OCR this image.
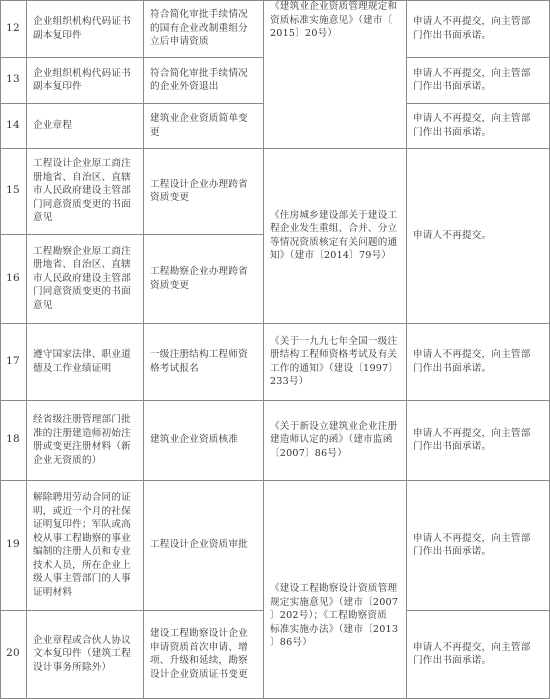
12
企业组织机构代码证书
副本复印件
符合简化审批手续情况
的国有企业改制重组分
立后申请资质
申请人不再提交，向主管部
门作出书面承诺。
13
企业组织机构代码证书
副本复印件
符合简化审批手续情况
的企业外资退出
申请人不再提交，向主管部
门作出书面承诺。
14	企业章程
建筑业企业资质简单变
更
申请人不再提交，向主管部
门作出书面承诺。
《建筑业企业资质管理规定和
资质标准实施意见》（建市〔
2015〕20号）
15
工程设计企业原工商注
册地省、自治区、直辖
市人民政府建设主管部
门同意资质变更的书面
意见
工程设计企业办理跨省
资质变更
16
工程勘察企业原工商注
册地省、自治区、直辖
市人民政府建设主管部
门同意资质变更的书面
意见
工程勘察企业办理跨省
资质变更
《住房城乡建设部关于建设工
程企业发生重组、合并、分立
等情况资质核定有关问题的通
知》（建市〔2014〕79号）
申请人不再提交。
17
遵守国家法律、职业道
德及工作业绩证明
一级注册结构工程师资
格考试报名
《关于一九九七年全国一级注
册结构工程师资格考试及有关
工作的通知》（建设〔1997〕
233号）
申请人不再提交，向主管部
门作出书面承诺。
18
经省级注册管理部门批
准的注册建造师初始注
册或变更注册材料（新
企业无资质的）
建筑业企业资质核准
《关于新设立建筑业企业注册
建造师认定的函》（建市监函
〔2007〕86号）
申请人不再提交，向主管部
门作出书面承诺。
19
解除聘用劳动合同的证
明，或近一个月的社保
证明复印件；军队或高
校从事工程勘察的事业
编制的注册人员和专业
技术人员，所在企业上
级人事主管部门的人事
证明材料
工程设计企业资质审批
申请人不再提交，向主管部
门作出书面承诺。
20
企业章程或合伙人协议
文本复印件（建筑工程
设计事务所除外）
建设工程勘察设计企业
申请资质首次申请、增
项、升级和延续，勘察
设计企业资质证书变更
申请人不再提交，向主管部
门作出书面承诺。
《建设工程勘察设计资质管理
规定实施意见》（建市〔2007
〕202号）；《工程勘察资质
标准实施办法》（建市〔2013
〕86号）
